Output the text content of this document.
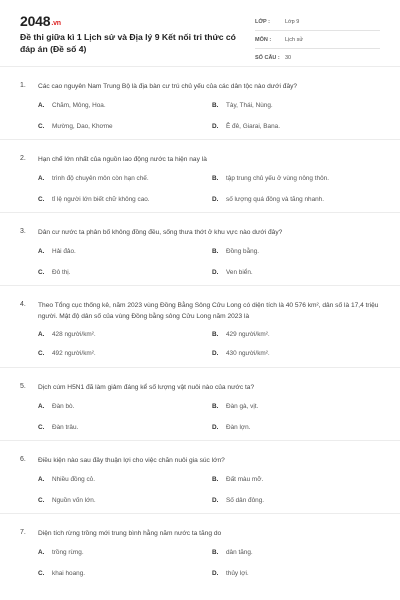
2048.vn
Đề thi giữa kì 1 Lịch sử và Địa lý 9 Kết nối tri thức có đáp án (Đề số 4)
LỚP :	Lớp 9
MÔN :	Lịch sử
SỐ CÂU : 30
1. Các cao nguyên Nam Trung Bộ là địa bàn cư trú chủ yếu của các dân tộc nào dưới đây?
A. Chăm, Mông, Hoa.	B. Tày, Thái, Nùng.
C. Mường, Dao, Khơme	D. Ê đê, Giarai, Bana.
2. Hạn chế lớn nhất của nguồn lao động nước ta hiện nay là
A. trình độ chuyên môn còn hạn chế.	B. tập trung chủ yếu ở vùng nông thôn.
C. tỉ lệ người lớn biết chữ không cao.	D. số lượng quá đông và tăng nhanh.
3. Dân cư nước ta phân bố không đồng đều, sống thưa thớt ở khu vực nào dưới đây?
A. Hải đảo.	B. Đồng bằng.
C. Đô thị.	D. Ven biển.
4. Theo Tổng cục thống kê, năm 2023 vùng Đồng Bằng Sông Cửu Long có diện tích là 40 576 km², dân số là 17,4 triệu người. Mật độ dân số của vùng Đồng bằng sông Cửu Long năm 2023 là
A. 428 người/km².	B. 429 người/km².
C. 492 người/km².	D. 430 người/km².
5. Dịch cúm H5N1 đã làm giảm đáng kể số lượng vật nuôi nào của nước ta?
A. Đàn bò.	B. Đàn gà, vịt.
C. Đàn trâu.	D. Đàn lợn.
6. Điều kiện nào sau đây thuận lợi cho việc chăn nuôi gia súc lớn?
A. Nhiều đồng cỏ.	B. Đất màu mỡ.
C. Nguồn vốn lớn.	D. Số dân đông.
7. Diện tích rừng trồng mới trung bình hằng năm nước ta tăng do
A. trồng rừng.	B. dân tăng.
C. khai hoang.	D. thủy lợi.
